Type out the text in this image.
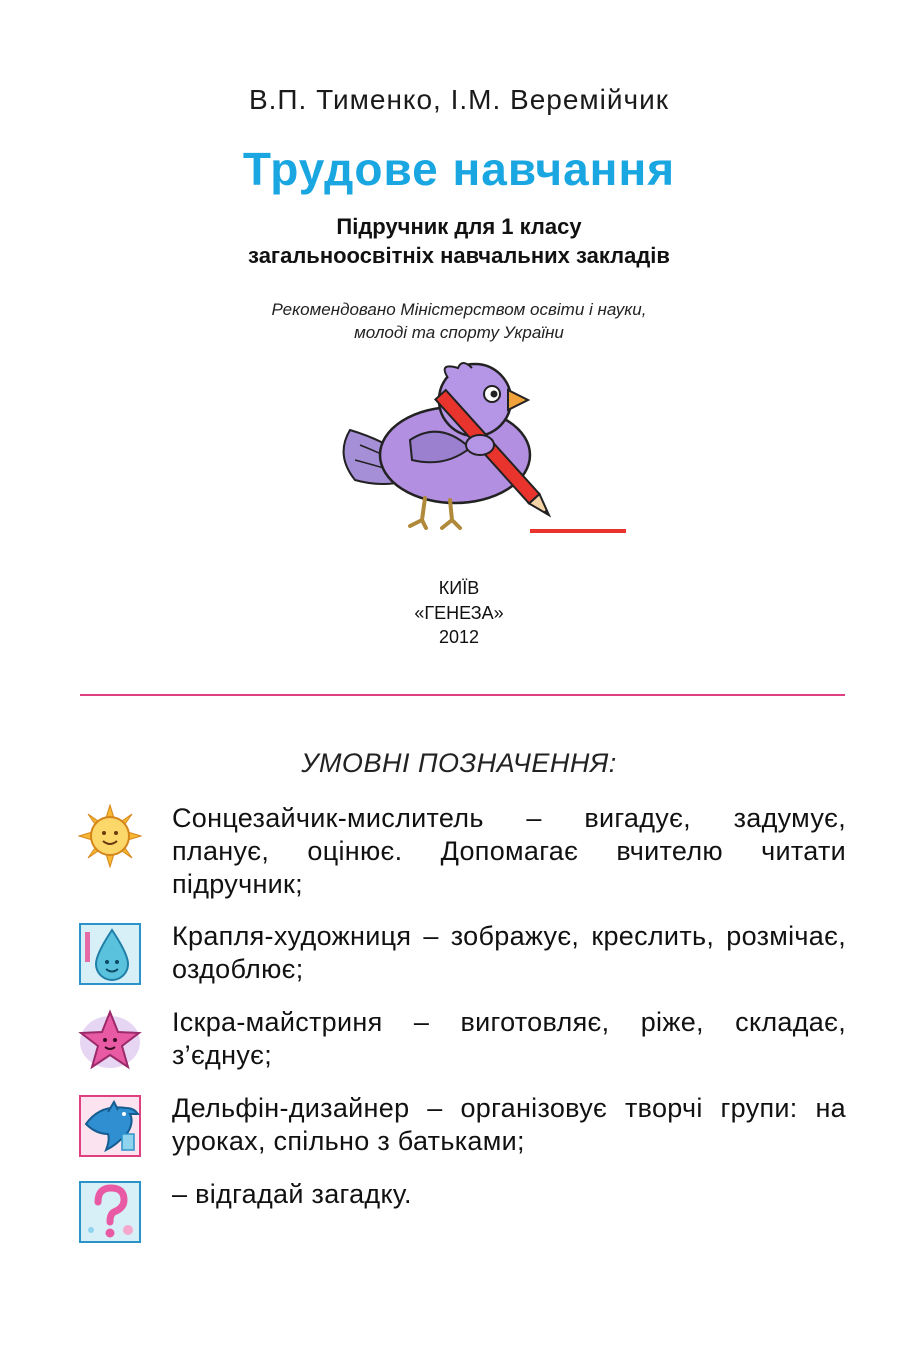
В.П. Тименко, І.М. Веремійчик
Трудове навчання
Підручник для 1 класу
загальноосвітніх навчальних закладів
Рекомендовано Міністерством освіти і науки,
молоді та спорту України
КИЇВ
«ГЕНЕЗА»
2012
УМОВНІ ПОЗНАЧЕННЯ:
Сонцезайчик-мислитель – вигадує, задумує, планує, оцінює. Допомагає вчителю читати підручник;
Крапля-художниця – зображує, креслить, розмічає, оздоблює;
Іскра-майстриня – виготовляє, ріже, складає, з’єднує;
Дельфін-дизайнер – організовує творчі групи: на уроках, спільно з батьками;
– відгадай загадку.
